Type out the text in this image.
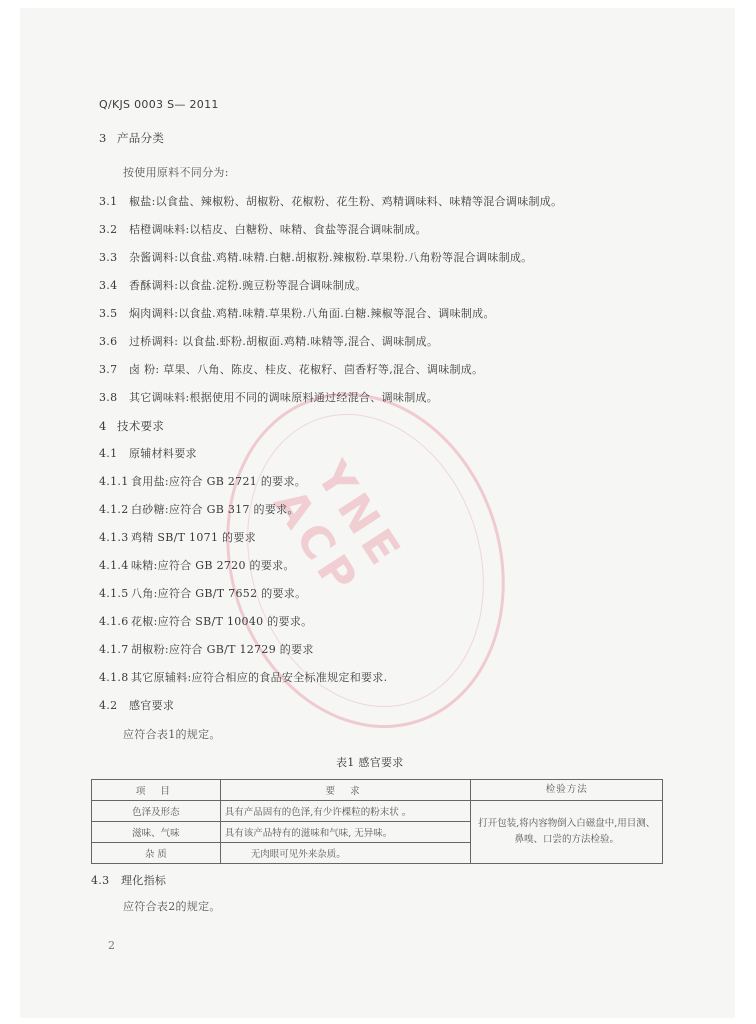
YNE ACP
Q/KJS 0003 S— 2011
3 产品分类
按使用原料不同分为:
3.1 椒盐:以食盐、辣椒粉、胡椒粉、花椒粉、花生粉、鸡精调味料、味精等混合调味制成。
3.2 桔橙调味料:以桔皮、白糖粉、味精、食盐等混合调味制成。
3.3 杂酱调料:以食盐.鸡精.味精.白糖.胡椒粉.辣椒粉.草果粉.八角粉等混合调味制成。
3.4 香酥调料:以食盐.淀粉.豌豆粉等混合调味制成。
3.5 焖肉调料:以食盐.鸡精.味精.草果粉.八角面.白糖.辣椒等混合、调味制成。
3.6 过桥调料: 以食盐.虾粉.胡椒面.鸡精.味精等,混合、调味制成。
3.7 卤 粉: 草果、八角、陈皮、桂皮、花椒籽、茴香籽等,混合、调味制成。
3.8 其它调味料:根据使用不同的调味原料通过经混合、调味制成。
4 技术要求
4.1 原辅材料要求
4.1.1 食用盐:应符合 GB 2721 的要求。
4.1.2 白砂糖:应符合 GB 317 的要求。
4.1.3 鸡精 SB/T 1071 的要求
4.1.4 味精:应符合 GB 2720 的要求。
4.1.5 八角:应符合 GB/T 7652 的要求。
4.1.6 花椒:应符合 SB/T 10040 的要求。
4.1.7 胡椒粉:应符合 GB/T 12729 的要求
4.1.8 其它原辅料:应符合相应的食品安全标准规定和要求.
4.2 感官要求
应符合表1的规定。
表1 感官要求
项 目	要 求	检验方法
色泽及形态	具有产品固有的色泽,有少许棵粒的粉末状 。	打开包装,将内容物倒入白磁盘中,用目测、鼻嗅、口尝的方法检验。
滋味、气味	具有该产品特有的滋味和气味, 无异味。	
杂 质	无肉眼可见外来杂质。	
4.3 理化指标
应符合表2的规定。
2
